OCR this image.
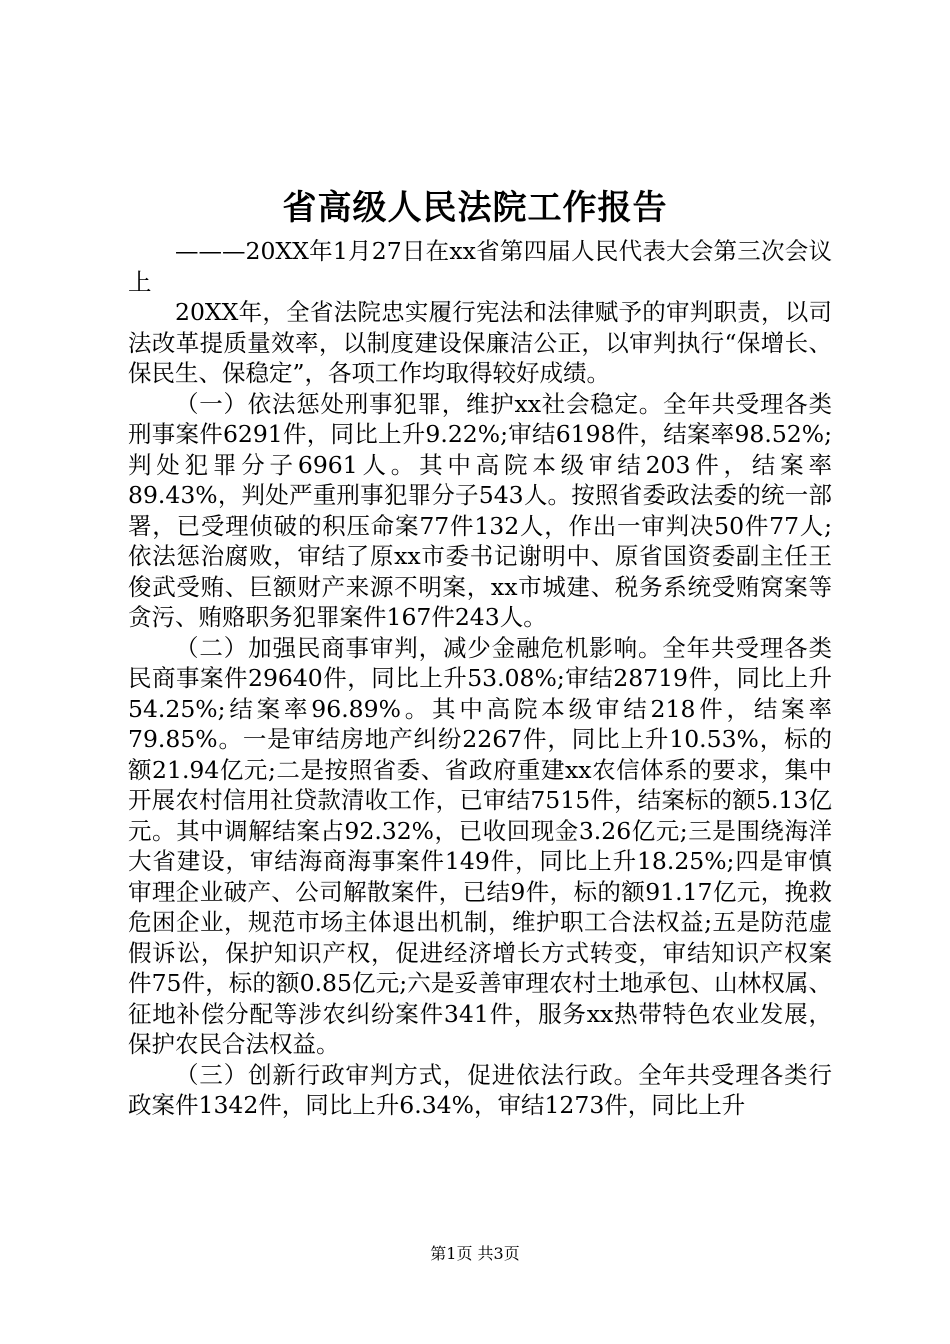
省高级人民法院工作报告

———20XX年1月27日在xx省第四届人民代表大会第三次会议上

20XX年，全省法院忠实履行宪法和法律赋予的审判职责，以司法改革提质量效率，以制度建设保廉洁公正，以审判执行“保增长、保民生、保稳定”，各项工作均取得较好成绩。

（一）依法惩处刑事犯罪，维护xx社会稳定。全年共受理各类刑事案件6291件，同比上升9.22%;审结6198件，结案率98.52%;判处犯罪分子6961人。其中高院本级审结203件，结案率89.43%，判处严重刑事犯罪分子543人。按照省委政法委的统一部署，已受理侦破的积压命案77件132人，作出一审判决50件77人;依法惩治腐败，审结了原xx市委书记谢明中、原省国资委副主任王俊武受贿、巨额财产来源不明案，xx市城建、税务系统受贿窝案等贪污、贿赂职务犯罪案件167件243人。

（二）加强民商事审判，减少金融危机影响。全年共受理各类民商事案件29640件，同比上升53.08%;审结28719件，同比上升54.25%;结案率96.89%。其中高院本级审结218件，结案率79.85%。一是审结房地产纠纷2267件，同比上升10.53%，标的额21.94亿元;二是按照省委、省政府重建xx农信体系的要求，集中开展农村信用社贷款清收工作，已审结7515件，结案标的额5.13亿元。其中调解结案占92.32%，已收回现金3.26亿元;三是围绕海洋大省建设，审结海商海事案件149件，同比上升18.25%;四是审慎审理企业破产、公司解散案件，已结9件，标的额91.17亿元，挽救危困企业，规范市场主体退出机制，维护职工合法权益;五是防范虚假诉讼，保护知识产权，促进经济增长方式转变，审结知识产权案件75件，标的额0.85亿元;六是妥善审理农村土地承包、山林权属、征地补偿分配等涉农纠纷案件341件，服务xx热带特色农业发展，保护农民合法权益。

（三）创新行政审判方式，促进依法行政。全年共受理各类行政案件1342件，同比上升6.34%，审结1273件，同比上升

第1页 共3页
